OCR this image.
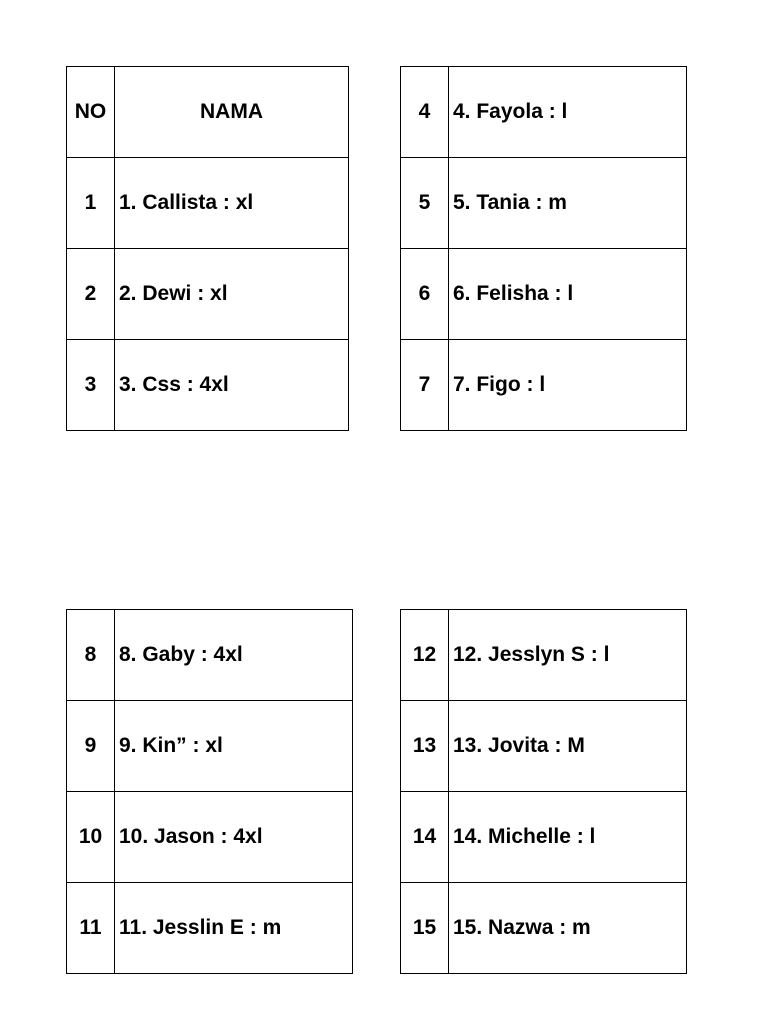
NO	NAMA
1	1. Callista : xl
2	2. Dewi : xl
3	3. Css : 4xl
4	4. Fayola : l
5	5. Tania : m
6	6. Felisha : l
7	7. Figo : l
8	8. Gaby : 4xl
9	9. Kin” : xl
10	10. Jason : 4xl
11	11. Jesslin E : m
12	12. Jesslyn S : l
13	13. Jovita : M
14	14. Michelle : l
15	15. Nazwa : m
